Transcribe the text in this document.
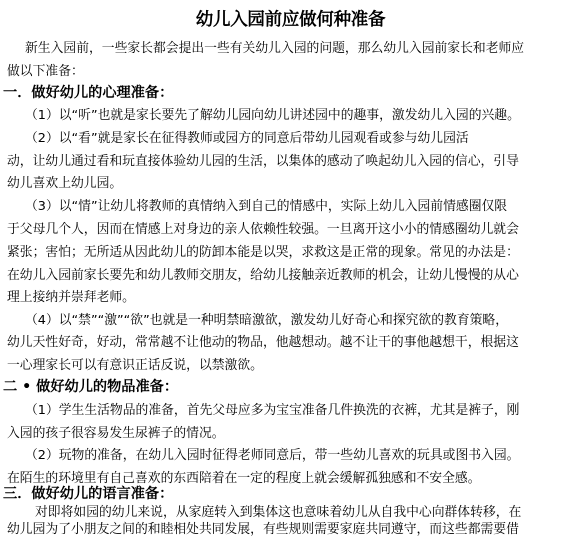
幼儿入园前应做何种准备
新生入园前，一些家长都会提出一些有关幼儿入园的问题，那么幼儿入园前家长和老师应
做以下准备：
一．做好幼儿的心理准备：
（1）以“听”也就是家长要先了解幼儿园向幼儿讲述园中的趣事，激发幼儿入园的兴趣。
（2）以“看”就是家长在征得教师或园方的同意后带幼儿园观看或参与幼儿园活
动，让幼儿通过看和玩直接体验幼儿园的生活，以集体的感动了唤起幼儿入园的信心，引导
幼儿喜欢上幼儿园。
（3）以“情”让幼儿将教师的真情纳入到自己的情感中，实际上幼儿入园前情感圈仅限
于父母几个人，因而在情感上对身边的亲人依赖性较强。一旦离开这小小的情感圈幼儿就会
紧张；害怕；无所适从因此幼儿的防卸本能是以哭，求救这是正常的现象。常见的办法是：
在幼儿入园前家长要先和幼儿教师交朋友，给幼儿接触亲近教师的机会，让幼儿慢慢的从心
理上接纳并崇拜老师。
（4）以“禁”“激”“欲”也就是一种明禁暗激欲，激发幼儿好奇心和探究欲的教育策略，
幼儿天性好奇，好动，常常越不让他动的物品，他越想动。越不让干的事他越想干，根据这
一心理家长可以有意识正话反说，以禁激欲。
二 • 做好幼儿的物品准备：
（1）学生生活物品的准备，首先父母应多为宝宝准备几件换洗的衣裤，尤其是裤子，刚
入园的孩子很容易发生尿裤子的情况。
（2）玩物的准备，在幼儿入园时征得老师同意后，带一些幼儿喜欢的玩具或图书入园。
在陌生的环境里有自己喜欢的东西陪着在一定的程度上就会缓解孤独感和不安全感。
三．做好幼儿的语言准备：
对即将如园的幼儿来说，从家庭转入到集体这也意味着幼儿从自我中心向群体转移，在
幼儿园为了小朋友之间的和睦相处共同发展，有些规则需要家庭共同遵守，而这些都需要借
